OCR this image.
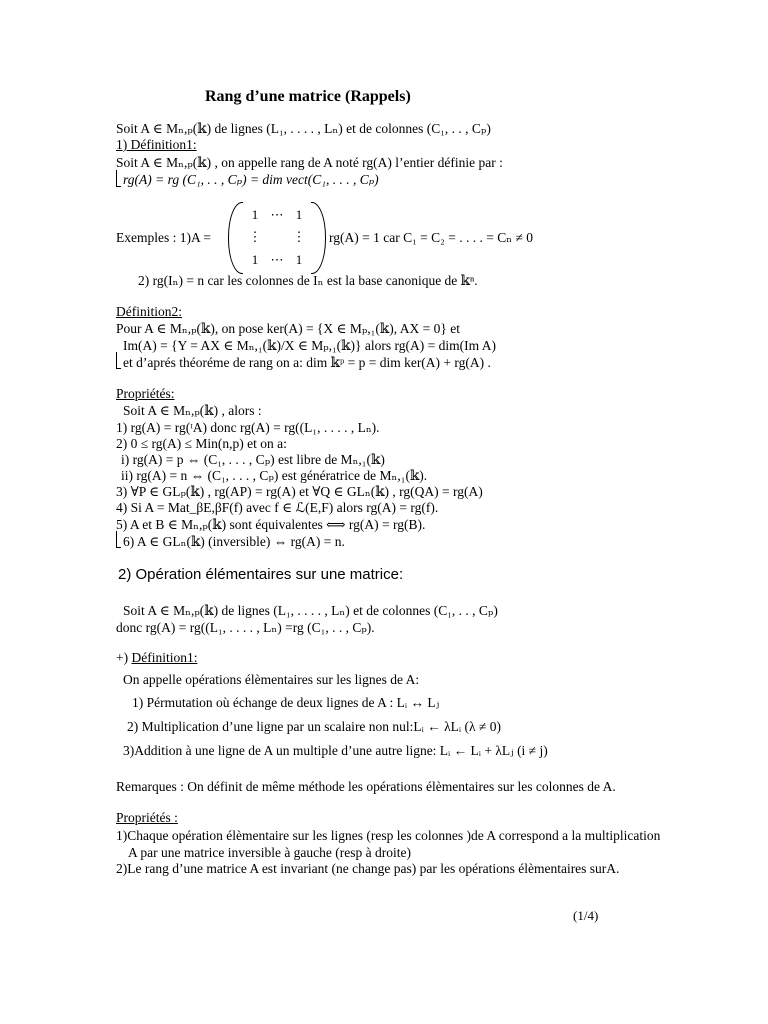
Rang d’une matrice (Rappels)
Soit A ∈ Mₙ,ₚ(𝕜) de lignes (L₁, . . . . , Lₙ) et de colonnes (C₁, . . , Cₚ)
1) Définition1:
Soit A ∈ Mₙ,ₚ(𝕜) , on appelle rang de A noté rg(A) l’entier définie par :
rg(A) = rg (C₁, . . , Cₚ) = dim vect(C₁, . . . , Cₚ)
Exemples : 1)A =
1 ⋯ 1
⋮ ⋮
1 ⋯ 1
rg(A) = 1 car C₁ = C₂ = . . . . = Cₙ ≠ 0
2) rg(Iₙ) = n car les colonnes de Iₙ est la base canonique de 𝕜ⁿ.
Définition2:
Pour A ∈ Mₙ,ₚ(𝕜), on pose ker(A) = {X ∈ Mₚ,₁(𝕜), AX = 0} et
Im(A) = {Y = AX ∈ Mₙ,₁(𝕜)/X ∈ Mₚ,₁(𝕜)} alors rg(A) = dim(Im A)
et d’aprés théoréme de rang on a: dim 𝕜ᵖ = p = dim ker(A) + rg(A) .
Propriétés:
Soit A ∈ Mₙ,ₚ(𝕜) , alors :
1) rg(A) = rg(ᵗA) donc rg(A) = rg((L₁, . . . . , Lₙ).
2) 0 ≤ rg(A) ≤ Min(n,p) et on a:
i) rg(A) = p ⇔ (C₁, . . . , Cₚ) est libre de Mₙ,₁(𝕜)
ii) rg(A) = n ⇔ (C₁, . . . , Cₚ) est génératrice de Mₙ,₁(𝕜).
3) ∀P ∈ GLₚ(𝕜) , rg(AP) = rg(A) et ∀Q ∈ GLₙ(𝕜) , rg(QA) = rg(A)
4) Si A = Mat_βE,βF(f) avec f ∈ ℒ(E,F) alors rg(A) = rg(f).
5) A et B ∈ Mₙ,ₚ(𝕜) sont équivalentes ⟺ rg(A) = rg(B).
6) A ∈ GLₙ(𝕜) (inversible) ⇔ rg(A) = n.
2) Opération élémentaires sur une matrice:
Soit A ∈ Mₙ,ₚ(𝕜) de lignes (L₁, . . . . , Lₙ) et de colonnes (C₁, . . , Cₚ)
donc rg(A) = rg((L₁, . . . . , Lₙ) =rg (C₁, . . , Cₚ).
+) Définition1:
On appelle opérations élèmentaires sur les lignes de A:
1) Pérmutation où échange de deux lignes de A : Lᵢ ↔ Lⱼ
2) Multiplication d’une ligne par un scalaire non nul:Lᵢ ← λLᵢ (λ ≠ 0)
3)Addition à une ligne de A un multiple d’une autre ligne: Lᵢ ← Lᵢ + λLⱼ (i ≠ j)
Remarques : On définit de même méthode les opérations élèmentaires sur les colonnes de A.
Propriétés :
1)Chaque opération élèmentaire sur les lignes (resp les colonnes )de A correspond a la multiplication
A par une matrice inversible à gauche (resp à droite)
2)Le rang d’une matrice A est invariant (ne change pas) par les opérations élèmentaires surA.
(1/4)
